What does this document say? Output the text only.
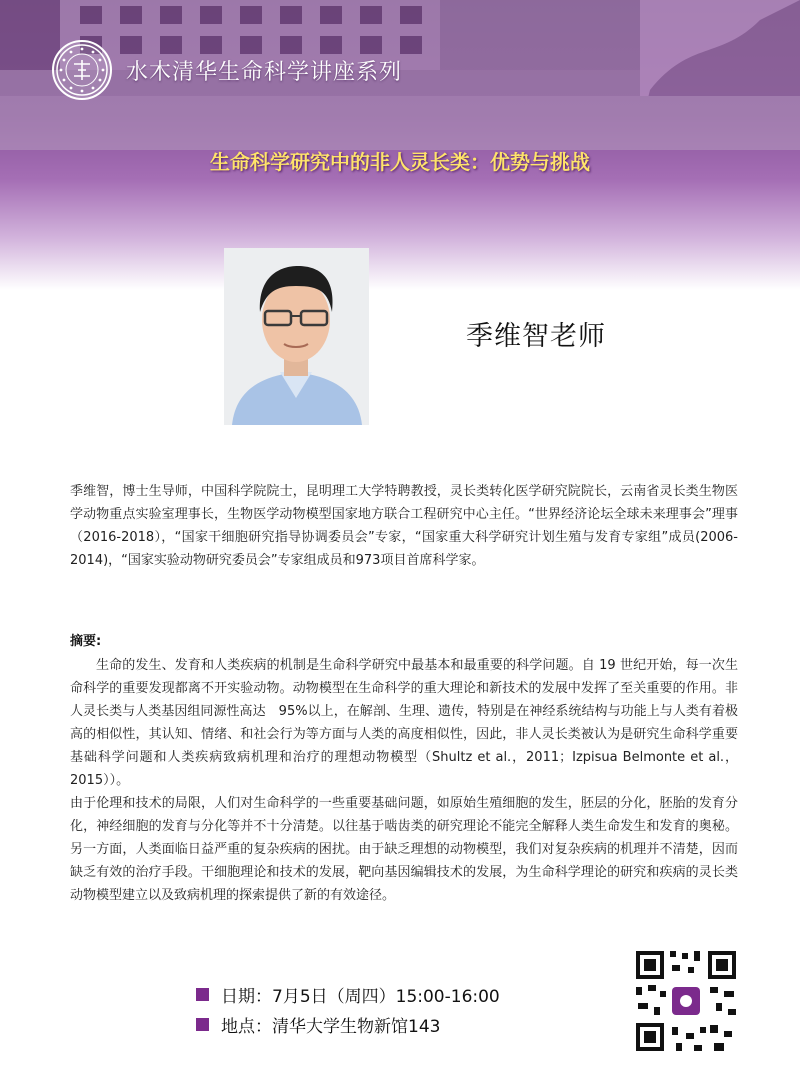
水木清华生命科学讲座系列
生命科学研究中的非人灵长类：优势与挑战
季维智老师
季维智，博士生导师，中国科学院院士，昆明理工大学特聘教授，灵长类转化医学研究院院长，云南省灵长类生物医学动物重点实验室理事长，生物医学动物模型国家地方联合工程研究中心主任。“世界经济论坛全球未来理事会”理事（2016-2018），“国家干细胞研究指导协调委员会”专家，“国家重大科学研究计划生殖与发育专家组”成员(2006-2014)，“国家实验动物研究委员会”专家组成员和973项目首席科学家。
摘要:

生命的发生、发育和人类疾病的机制是生命科学研究中最基本和最重要的科学问题。自 19 世纪开始，每一次生命科学的重要发现都离不开实验动物。动物模型在生命科学的重大理论和新技术的发展中发挥了至关重要的作用。非人灵长类与人类基因组同源性高达　95%以上，在解剖、生理、遗传，特别是在神经系统结构与功能上与人类有着极高的相似性，其认知、情绪、和社会行为等方面与人类的高度相似性，因此，非人灵长类被认为是研究生命科学重要基础科学问题和人类疾病致病机理和治疗的理想动物模型（Shultz et al.，2011；Izpisua Belmonte et al.，2015））。

由于伦理和技术的局限，人们对生命科学的一些重要基础问题，如原始生殖细胞的发生，胚层的分化，胚胎的发育分化，神经细胞的发育与分化等并不十分清楚。以往基于啮齿类的研究理论不能完全解释人类生命发生和发育的奥秘。另一方面，人类面临日益严重的复杂疾病的困扰。由于缺乏理想的动物模型，我们对复杂疾病的机理并不清楚，因而缺乏有效的治疗手段。干细胞理论和技术的发展，靶向基因编辑技术的发展，为生命科学理论的研究和疾病的灵长类动物模型建立以及致病机理的探索提供了新的有效途径。

日期：7月5日（周四）15:00-16:00
地点：清华大学生物新馆143
